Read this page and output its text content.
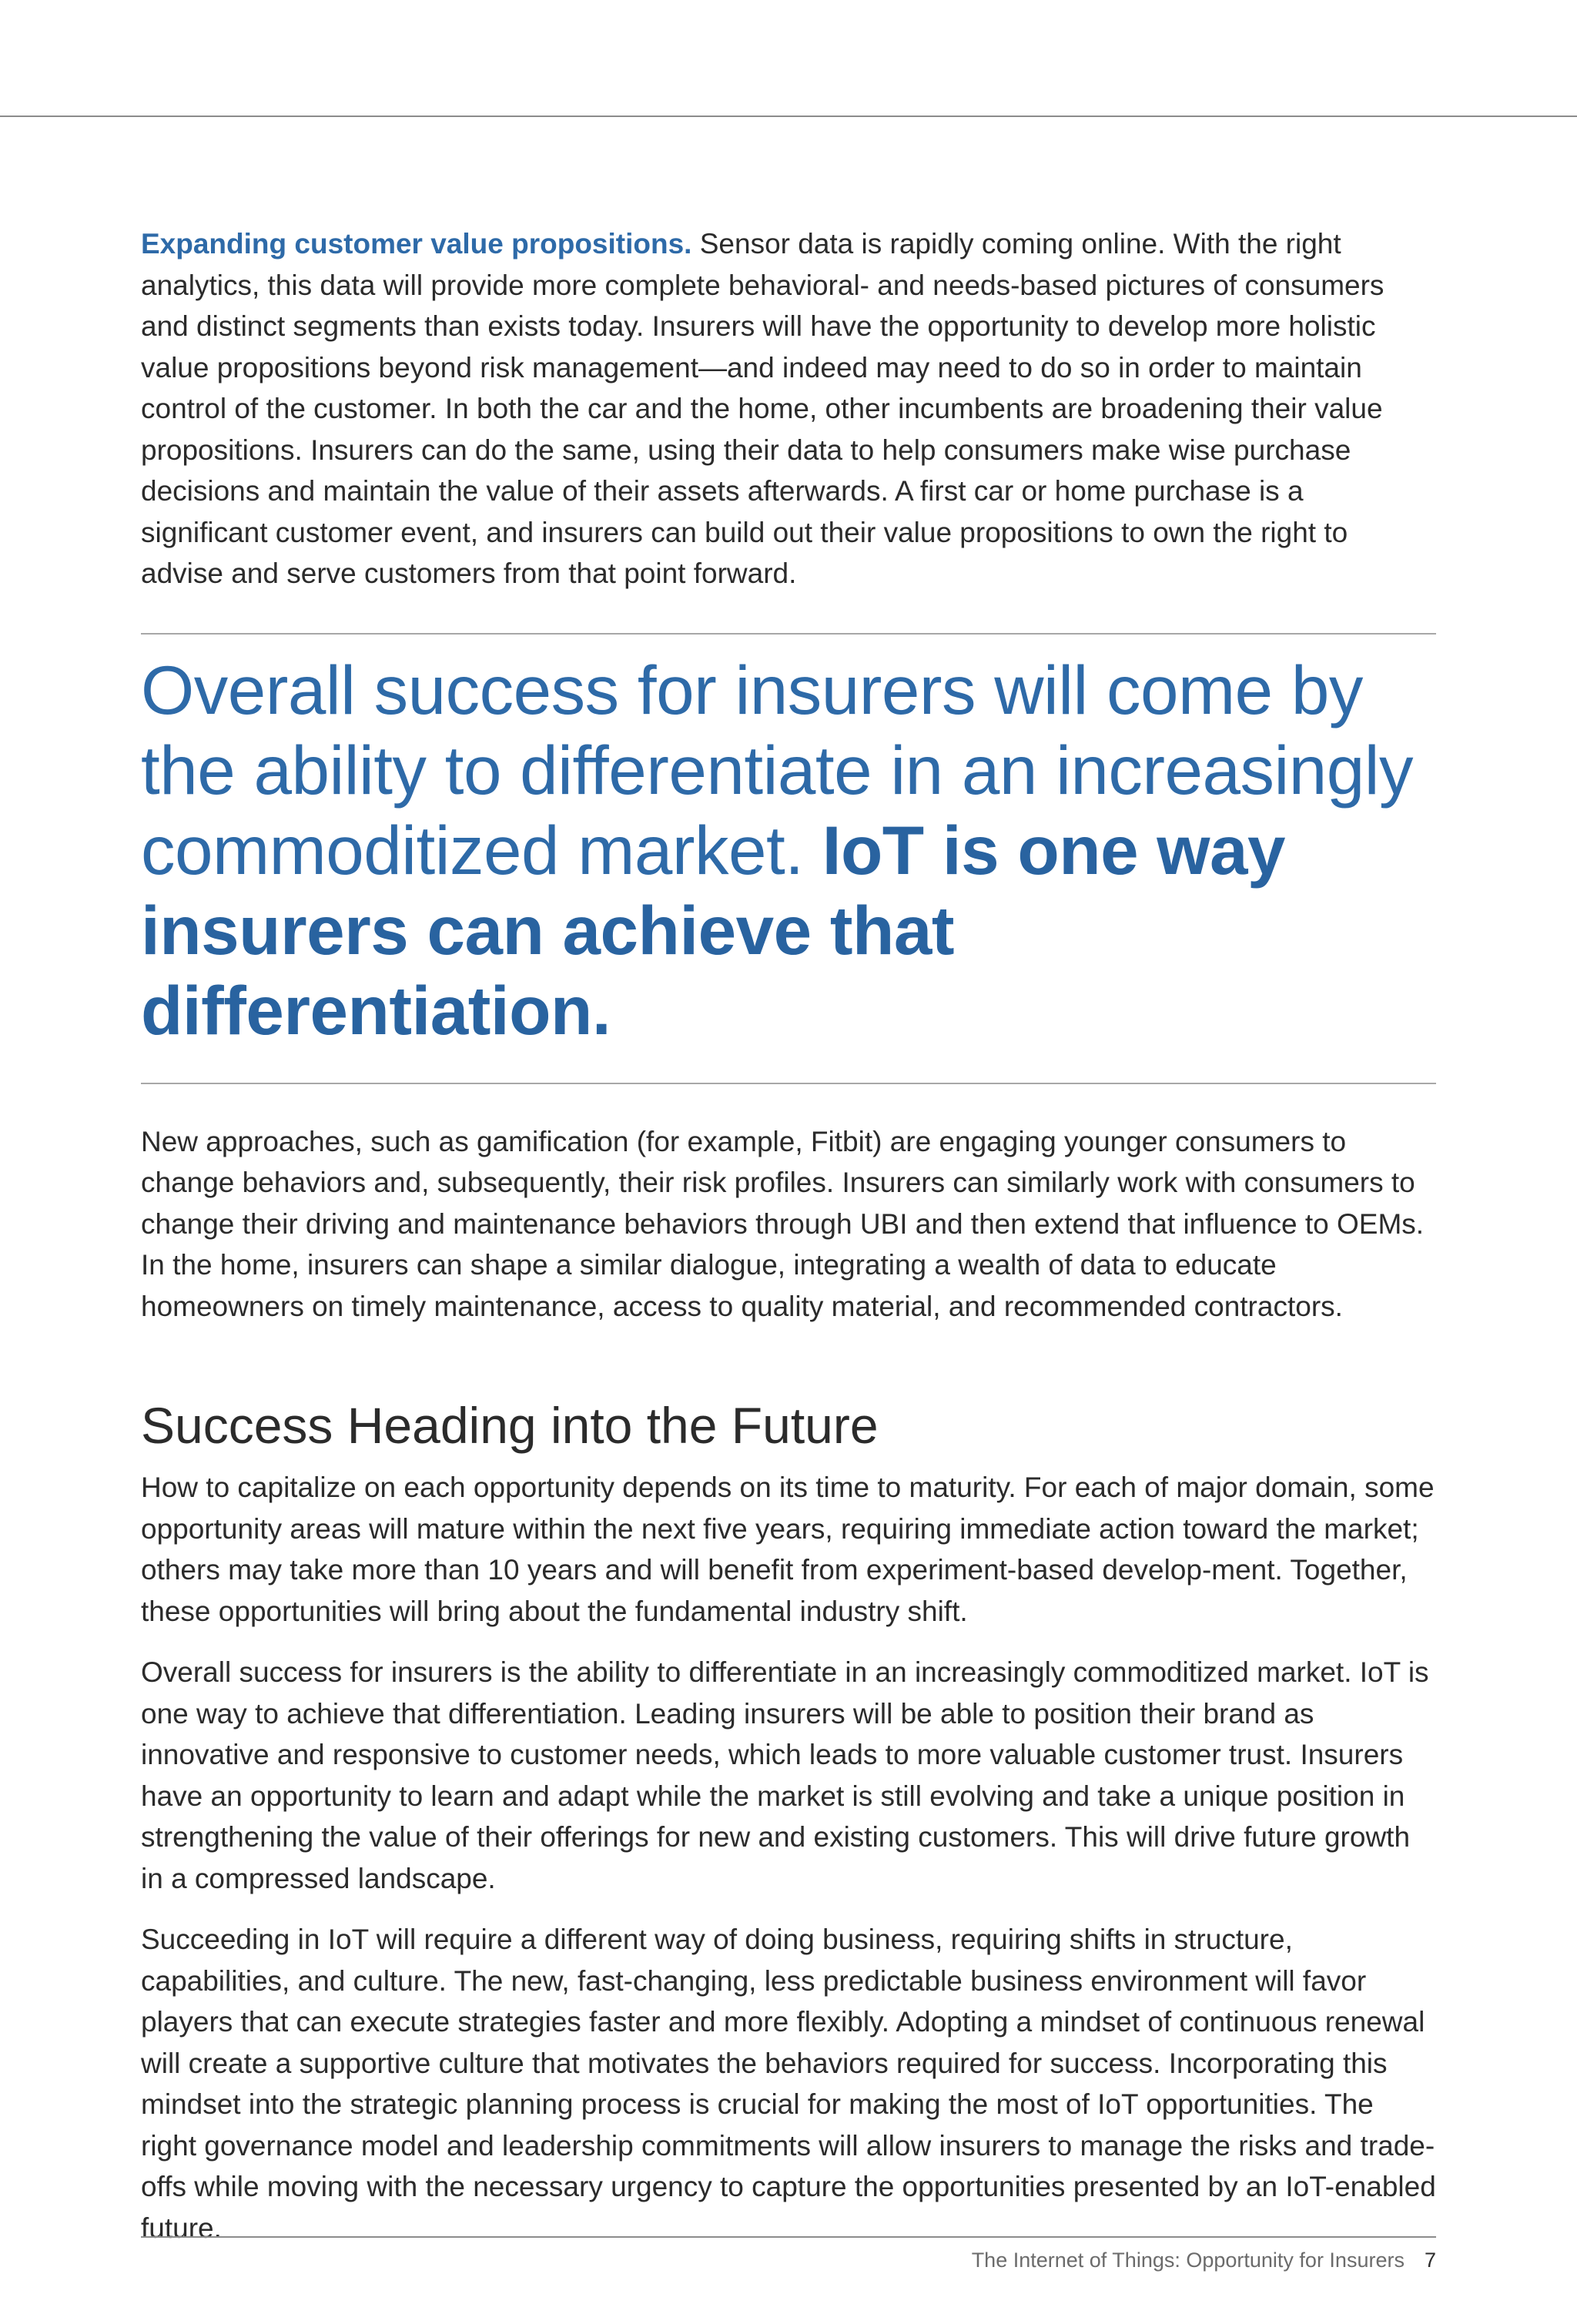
Expanding customer value propositions. Sensor data is rapidly coming online. With the right analytics, this data will provide more complete behavioral- and needs-based pictures of consumers and distinct segments than exists today. Insurers will have the opportunity to develop more holistic value propositions beyond risk management—and indeed may need to do so in order to maintain control of the customer. In both the car and the home, other incumbents are broadening their value propositions. Insurers can do the same, using their data to help consumers make wise purchase decisions and maintain the value of their assets afterwards. A first car or home purchase is a significant customer event, and insurers can build out their value propositions to own the right to advise and serve customers from that point forward.

Overall success for insurers will come by the ability to differentiate in an increasingly commoditized market. IoT is one way insurers can achieve that differentiation.

New approaches, such as gamification (for example, Fitbit) are engaging younger consumers to change behaviors and, subsequently, their risk profiles. Insurers can similarly work with consumers to change their driving and maintenance behaviors through UBI and then extend that influence to OEMs. In the home, insurers can shape a similar dialogue, integrating a wealth of data to educate homeowners on timely maintenance, access to quality material, and recommended contractors.

Success Heading into the Future

How to capitalize on each opportunity depends on its time to maturity. For each of major domain, some opportunity areas will mature within the next five years, requiring immediate action toward the market; others may take more than 10 years and will benefit from experiment-based develop-ment. Together, these opportunities will bring about the fundamental industry shift.

Overall success for insurers is the ability to differentiate in an increasingly commoditized market. IoT is one way to achieve that differentiation. Leading insurers will be able to position their brand as innovative and responsive to customer needs, which leads to more valuable customer trust. Insurers have an opportunity to learn and adapt while the market is still evolving and take a unique position in strengthening the value of their offerings for new and existing customers. This will drive future growth in a compressed landscape.

Succeeding in IoT will require a different way of doing business, requiring shifts in structure, capabilities, and culture. The new, fast-changing, less predictable business environment will favor players that can execute strategies faster and more flexibly. Adopting a mindset of continuous renewal will create a supportive culture that motivates the behaviors required for success. Incorporating this mindset into the strategic planning process is crucial for making the most of IoT opportunities. The right governance model and leadership commitments will allow insurers to manage the risks and trade-offs while moving with the necessary urgency to capture the opportunities presented by an IoT-enabled future.

The Internet of Things: Opportunity for Insurers 7
